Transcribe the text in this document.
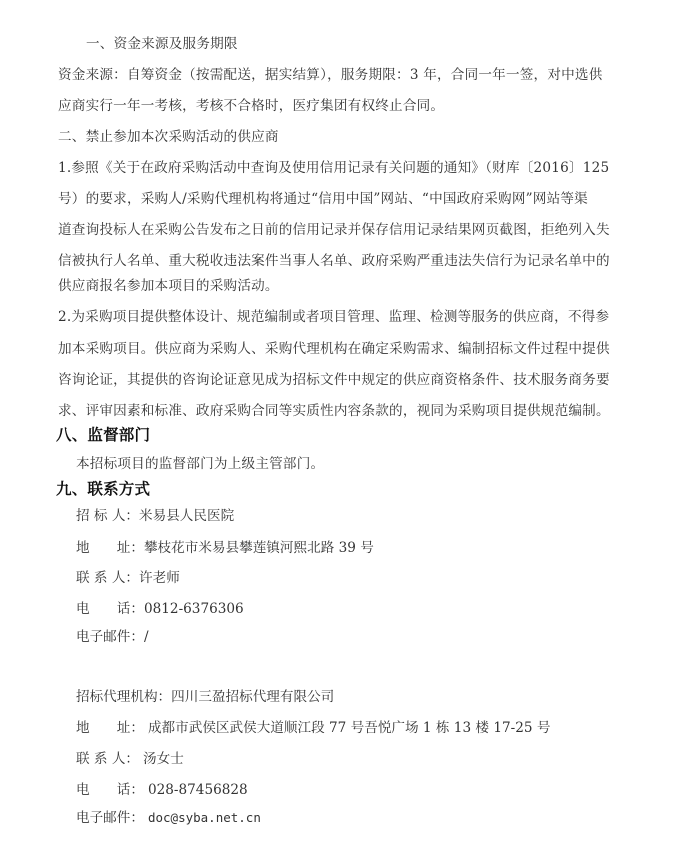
一、资金来源及服务期限
资金来源：自筹资金（按需配送，据实结算），服务期限：3 年，合同一年一签，对中选供
应商实行一年一考核，考核不合格时，医疗集团有权终止合同。
二、禁止参加本次采购活动的供应商
1.参照《关于在政府采购活动中查询及使用信用记录有关问题的通知》（财库〔2016〕125
号）的要求，采购人/采购代理机构将通过“信用中国”网站、“中国政府采购网”网站等渠
道查询投标人在采购公告发布之日前的信用记录并保存信用记录结果网页截图，拒绝列入失
信被执行人名单、重大税收违法案件当事人名单、政府采购严重违法失信行为记录名单中的
供应商报名参加本项目的采购活动。
2.为采购项目提供整体设计、规范编制或者项目管理、监理、检测等服务的供应商，不得参
加本采购项目。供应商为采购人、采购代理机构在确定采购需求、编制招标文件过程中提供
咨询论证，其提供的咨询论证意见成为招标文件中规定的供应商资格条件、技术服务商务要
求、评审因素和标准、政府采购合同等实质性内容条款的，视同为采购项目提供规范编制。
八、监督部门
本招标项目的监督部门为上级主管部门。
九、联系方式
招 标 人：米易县人民医院
地　　址：攀枝花市米易县攀莲镇河熙北路 39 号
联 系 人：许老师
电　　话：0812-6376306
电子邮件：/
招标代理机构：四川三盈招标代理有限公司
地　　址： 成都市武侯区武侯大道顺江段 77 号吾悦广场 1 栋 13 楼 17-25 号
联 系 人： 汤女士
电　　话： 028-87456828
电子邮件： doc@syba.net.cn
